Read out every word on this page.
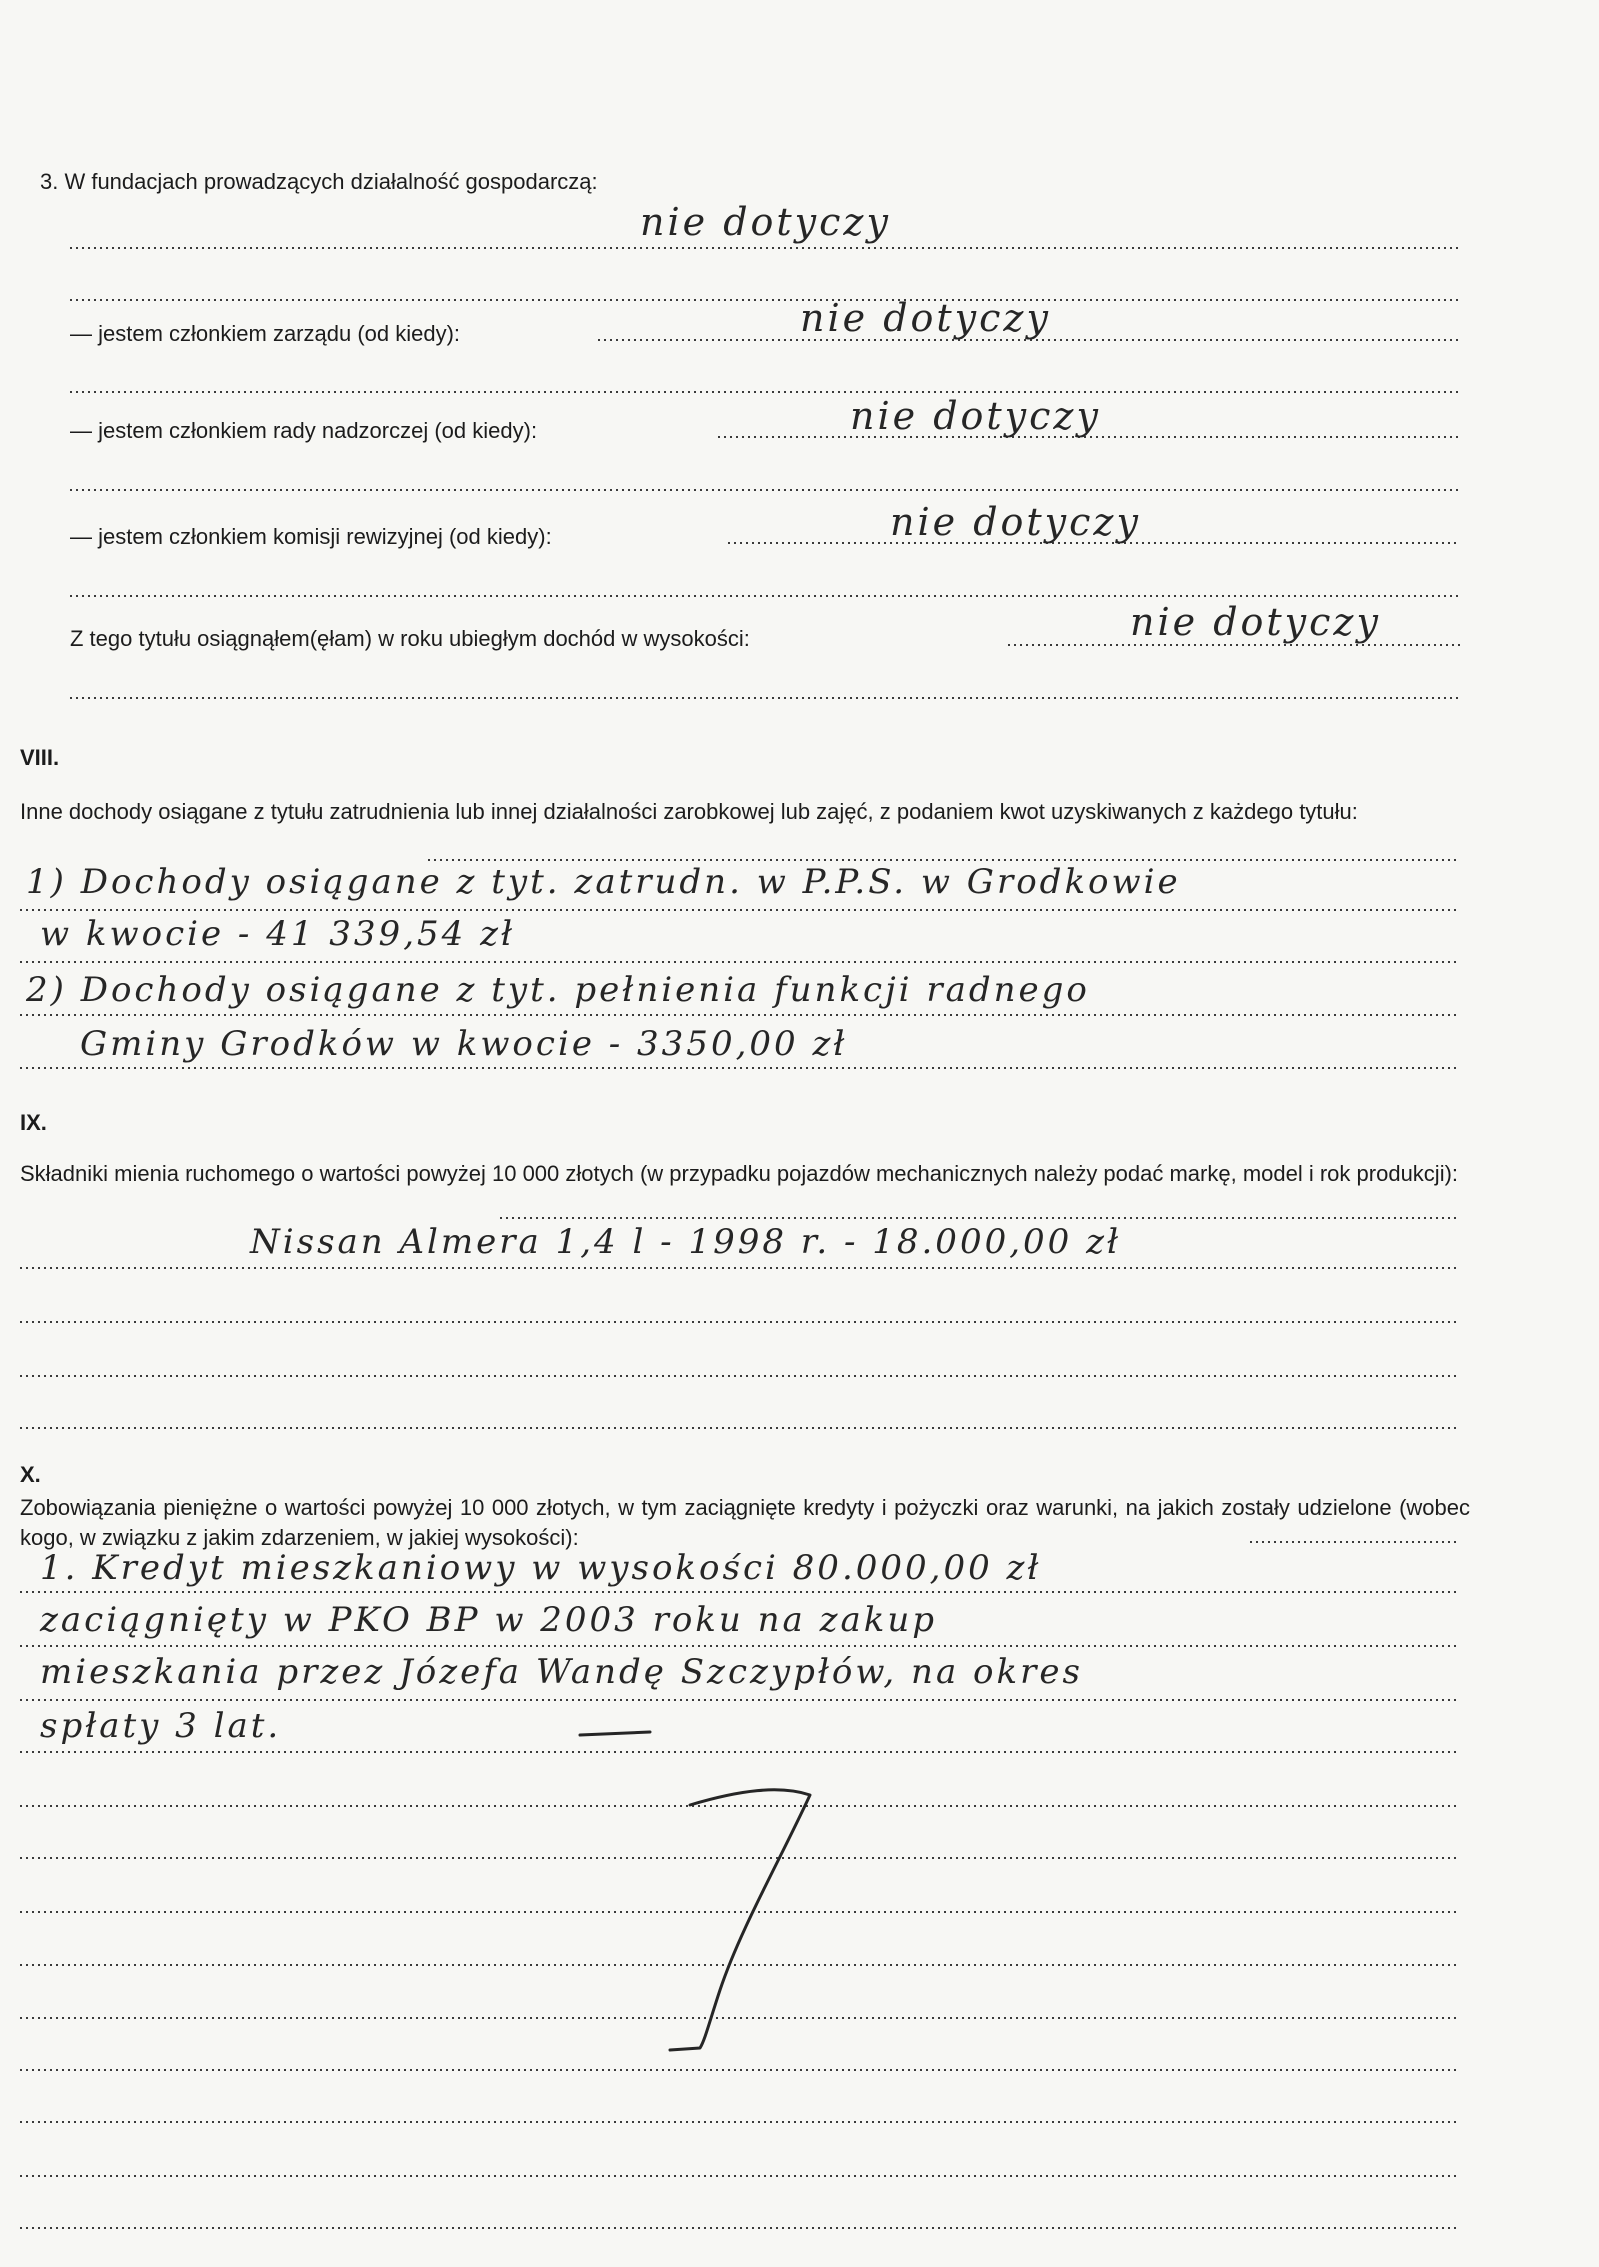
3. W fundacjach prowadzących działalność gospodarczą:
— jestem członkiem zarządu (od kiedy):
— jestem członkiem rady nadzorczej (od kiedy):
— jestem członkiem komisji rewizyjnej (od kiedy):
Z tego tytułu osiągnąłem(ęłam) w roku ubiegłym dochód w wysokości:
VIII.
Inne dochody osiągane z tytułu zatrudnienia lub innej działalności zarobkowej lub zajęć, z podaniem kwot uzyskiwanych z każdego tytułu:
IX.
Składniki mienia ruchomego o wartości powyżej 10 000 złotych (w przypadku pojazdów mechanicznych należy podać markę, model i rok produkcji):
X.
Zobowiązania pieniężne o wartości powyżej 10 000 złotych, w tym zaciągnięte kredyty i pożyczki oraz warunki, na jakich zostały udzielone (wobec kogo, w związku z jakim zdarzeniem, w jakiej wysokości):
nie dotyczy
nie dotyczy
nie dotyczy
nie dotyczy
nie dotyczy
1) Dochody osiągane z tyt. zatrudn. w P.P.S. w Grodkowie
w kwocie - 41 339,54 zł
2) Dochody osiągane z tyt. pełnienia funkcji radnego
Gminy Grodków w kwocie - 3350,00 zł
Nissan Almera 1,4 l - 1998 r. - 18.000,00 zł
1. Kredyt mieszkaniowy w wysokości 80.000,00 zł
zaciągnięty w PKO BP w 2003 roku na zakup
mieszkania przez Józefa Wandę Szczypłów, na okres
spłaty 3 lat.
